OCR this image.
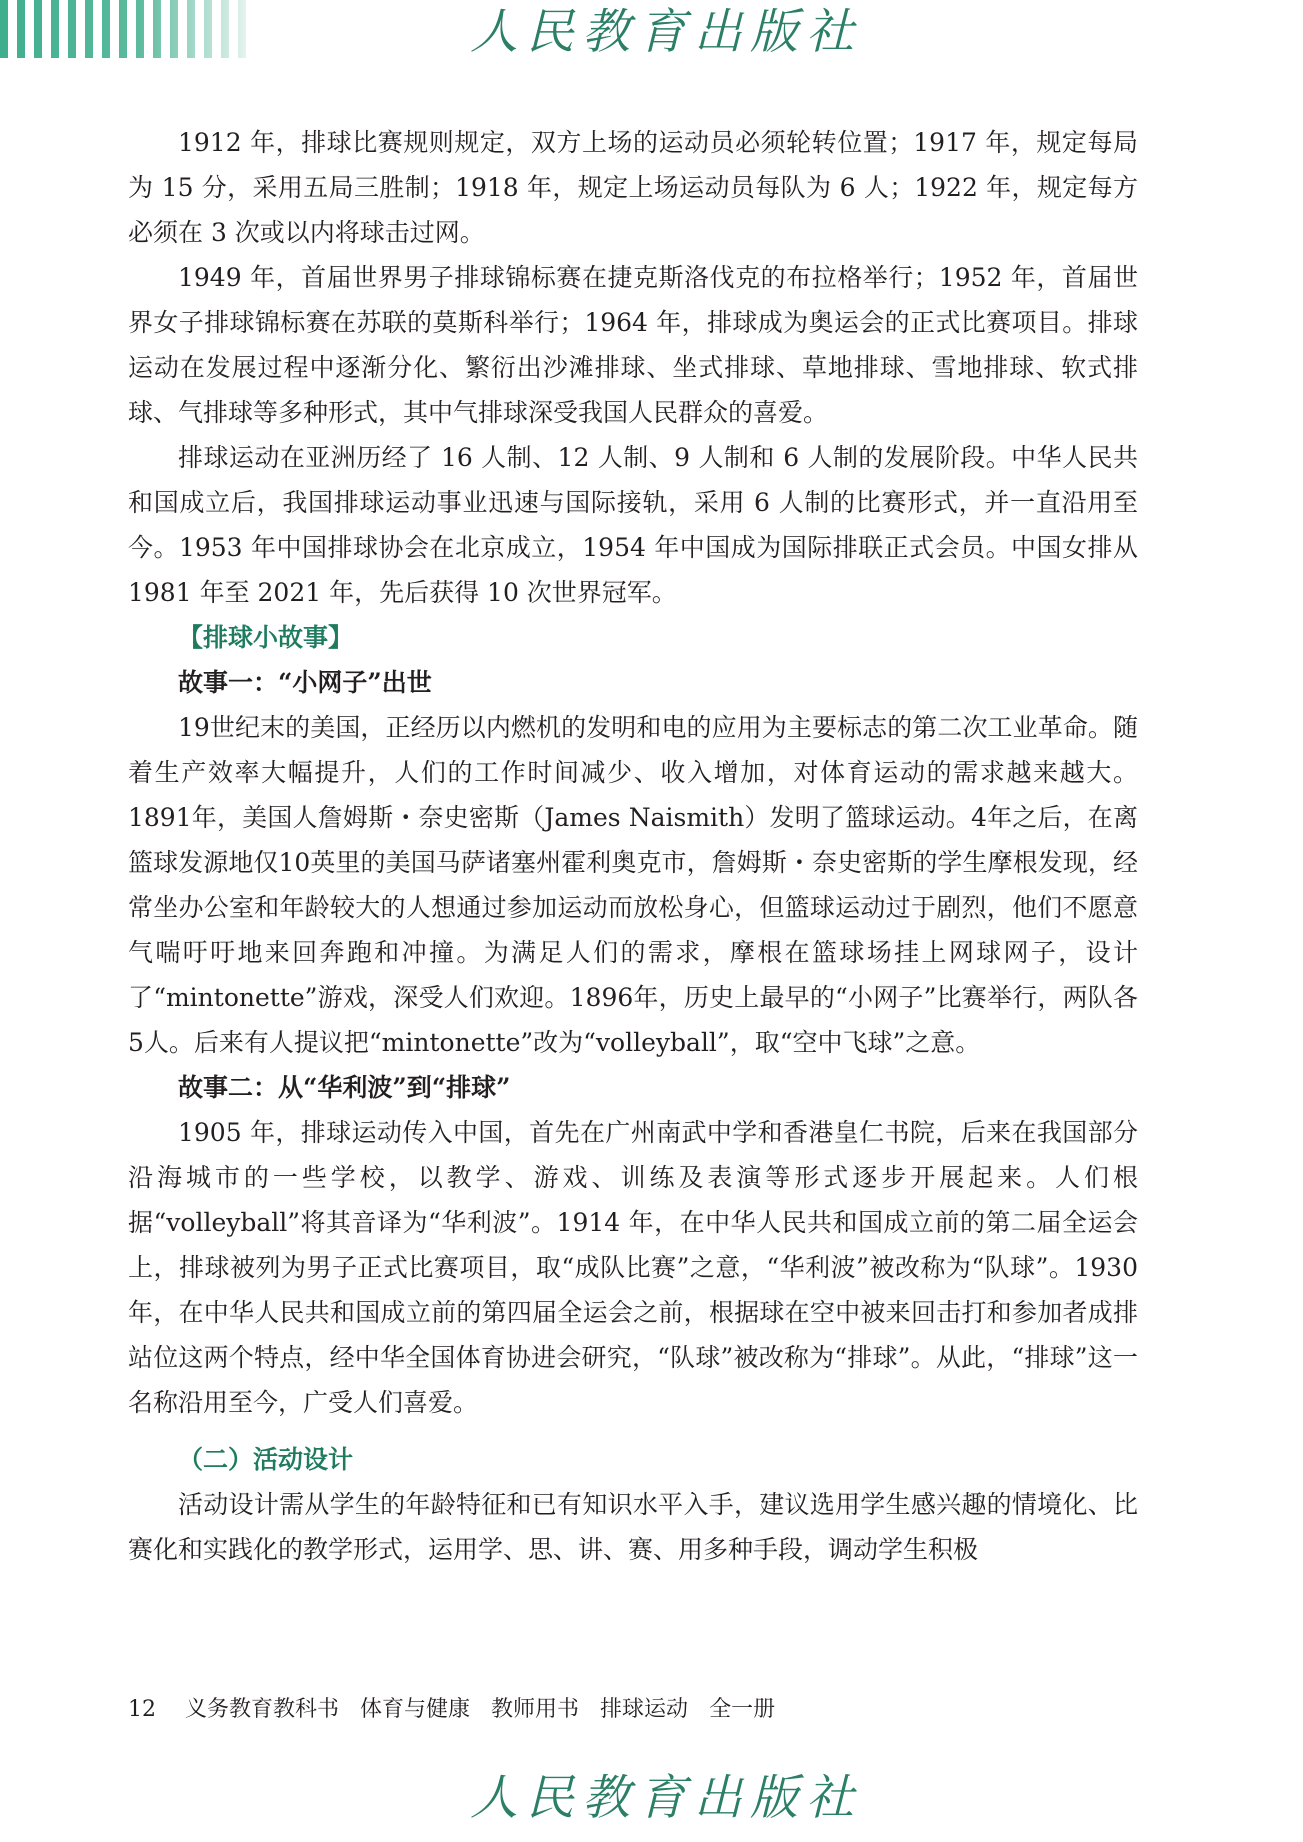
人民教育出版社

1912 年，排球比赛规则规定，双方上场的运动员必须轮转位置；1917 年，规定每局为 15 分，采用五局三胜制；1918 年，规定上场运动员每队为 6 人；1922 年，规定每方必须在 3 次或以内将球击过网。

1949 年，首届世界男子排球锦标赛在捷克斯洛伐克的布拉格举行；1952 年，首届世界女子排球锦标赛在苏联的莫斯科举行；1964 年，排球成为奥运会的正式比赛项目。排球运动在发展过程中逐渐分化、繁衍出沙滩排球、坐式排球、草地排球、雪地排球、软式排球、气排球等多种形式，其中气排球深受我国人民群众的喜爱。

排球运动在亚洲历经了 16 人制、12 人制、9 人制和 6 人制的发展阶段。中华人民共和国成立后，我国排球运动事业迅速与国际接轨，采用 6 人制的比赛形式，并一直沿用至今。1953 年中国排球协会在北京成立，1954 年中国成为国际排联正式会员。中国女排从 1981 年至 2021 年，先后获得 10 次世界冠军。

【排球小故事】
故事一：“小网子”出世

19世纪末的美国，正经历以内燃机的发明和电的应用为主要标志的第二次工业革命。随着生产效率大幅提升，人们的工作时间减少、收入增加，对体育运动的需求越来越大。1891年，美国人詹姆斯・奈史密斯（James Naismith）发明了篮球运动。4年之后，在离篮球发源地仅10英里的美国马萨诸塞州霍利奥克市，詹姆斯・奈史密斯的学生摩根发现，经常坐办公室和年龄较大的人想通过参加运动而放松身心，但篮球运动过于剧烈，他们不愿意气喘吁吁地来回奔跑和冲撞。为满足人们的需求，摩根在篮球场挂上网球网子，设计了“mintonette”游戏，深受人们欢迎。1896年，历史上最早的“小网子”比赛举行，两队各5人。后来有人提议把“mintonette”改为“volleyball”，取“空中飞球”之意。

故事二：从“华利波”到“排球”

1905 年，排球运动传入中国，首先在广州南武中学和香港皇仁书院，后来在我国部分沿海城市的一些学校，以教学、游戏、训练及表演等形式逐步开展起来。人们根据“volleyball”将其音译为“华利波”。1914 年，在中华人民共和国成立前的第二届全运会上，排球被列为男子正式比赛项目，取“成队比赛”之意，“华利波”被改称为“队球”。1930 年，在中华人民共和国成立前的第四届全运会之前，根据球在空中被来回击打和参加者成排站位这两个特点，经中华全国体育协进会研究，“队球”被改称为“排球”。从此，“排球”这一名称沿用至今，广受人们喜爱。

（二）活动设计

活动设计需从学生的年龄特征和已有知识水平入手，建议选用学生感兴趣的情境化、比赛化和实践化的教学形式，运用学、思、讲、赛、用多种手段，调动学生积极

12 义务教育教科书 体育与健康 教师用书 排球运动 全一册
人民教育出版社
